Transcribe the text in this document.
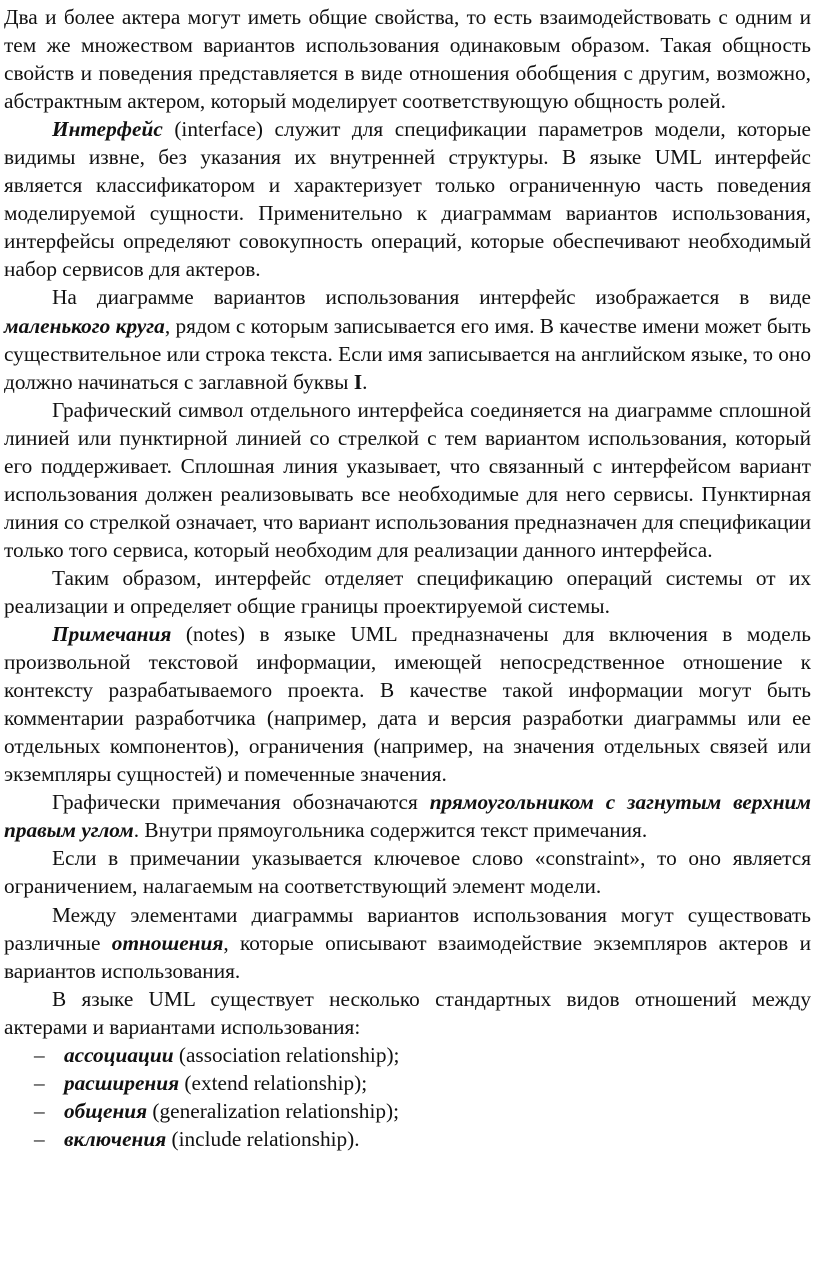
Два и более актера могут иметь общие свойства, то есть взаимодействовать с одним и тем же множеством вариантов использования одинаковым образом. Такая общность свойств и поведения представляется в виде отношения обобщения с другим, возможно, абстрактным актером, который моделирует соответствующую общность ролей.

Интерфейс (interface) служит для спецификации параметров модели, которые видимы извне, без указания их внутренней структуры. В языке UML интерфейс является классификатором и характеризует только ограниченную часть поведения моделируемой сущности. Применительно к диаграммам вариантов использования, интерфейсы определяют совокупность операций, которые обеспечивают необходимый набор сервисов для актеров.

На диаграмме вариантов использования интерфейс изображается в виде маленького круга, рядом с которым записывается его имя. В качестве имени может быть существительное или строка текста. Если имя записывается на английском языке, то оно должно начинаться с заглавной буквы I.

Графический символ отдельного интерфейса соединяется на диаграмме сплошной линией или пунктирной линией со стрелкой с тем вариантом использования, который его поддерживает. Сплошная линия указывает, что связанный с интерфейсом вариант использования должен реализовывать все необходимые для него сервисы. Пунктирная линия со стрелкой означает, что вариант использования предназначен для спецификации только того сервиса, который необходим для реализации данного интерфейса.

Таким образом, интерфейс отделяет спецификацию операций системы от их реализации и определяет общие границы проектируемой системы.

Примечания (notes) в языке UML предназначены для включения в модель произвольной текстовой информации, имеющей непосредственное отношение к контексту разрабатываемого проекта. В качестве такой информации могут быть комментарии разработчика (например, дата и версия разработки диаграммы или ее отдельных компонентов), ограничения (например, на значения отдельных связей или экземпляры сущностей) и помеченные значения.

Графически примечания обозначаются прямоугольником с загнутым верхним правым углом. Внутри прямоугольника содержится текст примечания.

Если в примечании указывается ключевое слово «constraint», то оно является ограничением, налагаемым на соответствующий элемент модели.

Между элементами диаграммы вариантов использования могут существовать различные отношения, которые описывают взаимодействие экземпляров актеров и вариантов использования.

В языке UML существует несколько стандартных видов отношений между актерами и вариантами использования:

– ассоциации (association relationship);
– расширения (extend relationship);
– общения (generalization relationship);
– включения (include relationship).
